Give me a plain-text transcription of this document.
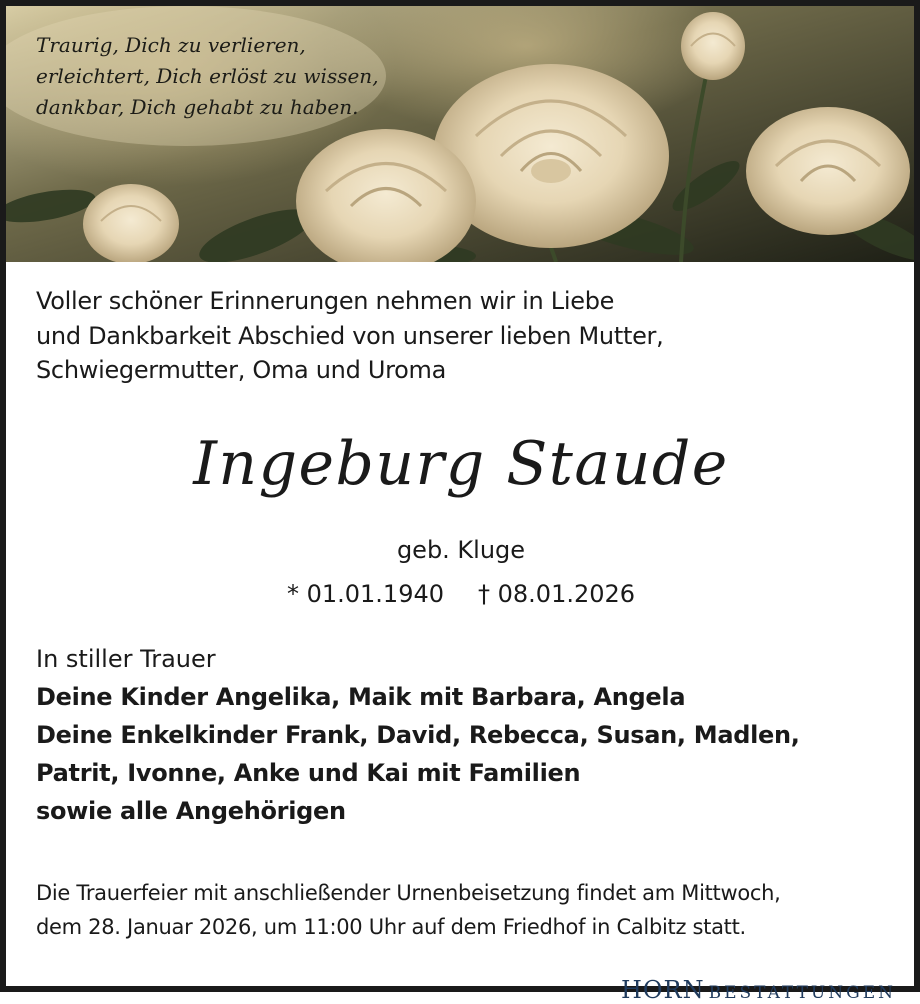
Traurig, Dich zu verlieren,
erleichtert, Dich erlöst zu wissen,
dankbar, Dich gehabt zu haben.
Voller schöner Erinnerungen nehmen wir in Liebe
und Dankbarkeit Abschied von unserer lieben Mutter,
Schwiegermutter, Oma und Uroma
Ingeburg Staude
geb. Kluge
* 01.01.1940 † 08.01.2026
In stiller Trauer
Deine Kinder Angelika, Maik mit Barbara, Angela
Deine Enkelkinder Frank, David, Rebecca, Susan, Madlen,
Patrit, Ivonne, Anke und Kai mit Familien
sowie alle Angehörigen
Die Trauerfeier mit anschließender Urnenbeisetzung findet am Mittwoch,
dem 28. Januar 2026, um 11:00 Uhr auf dem Friedhof in Calbitz statt.
HORN BESTATTUNGEN
